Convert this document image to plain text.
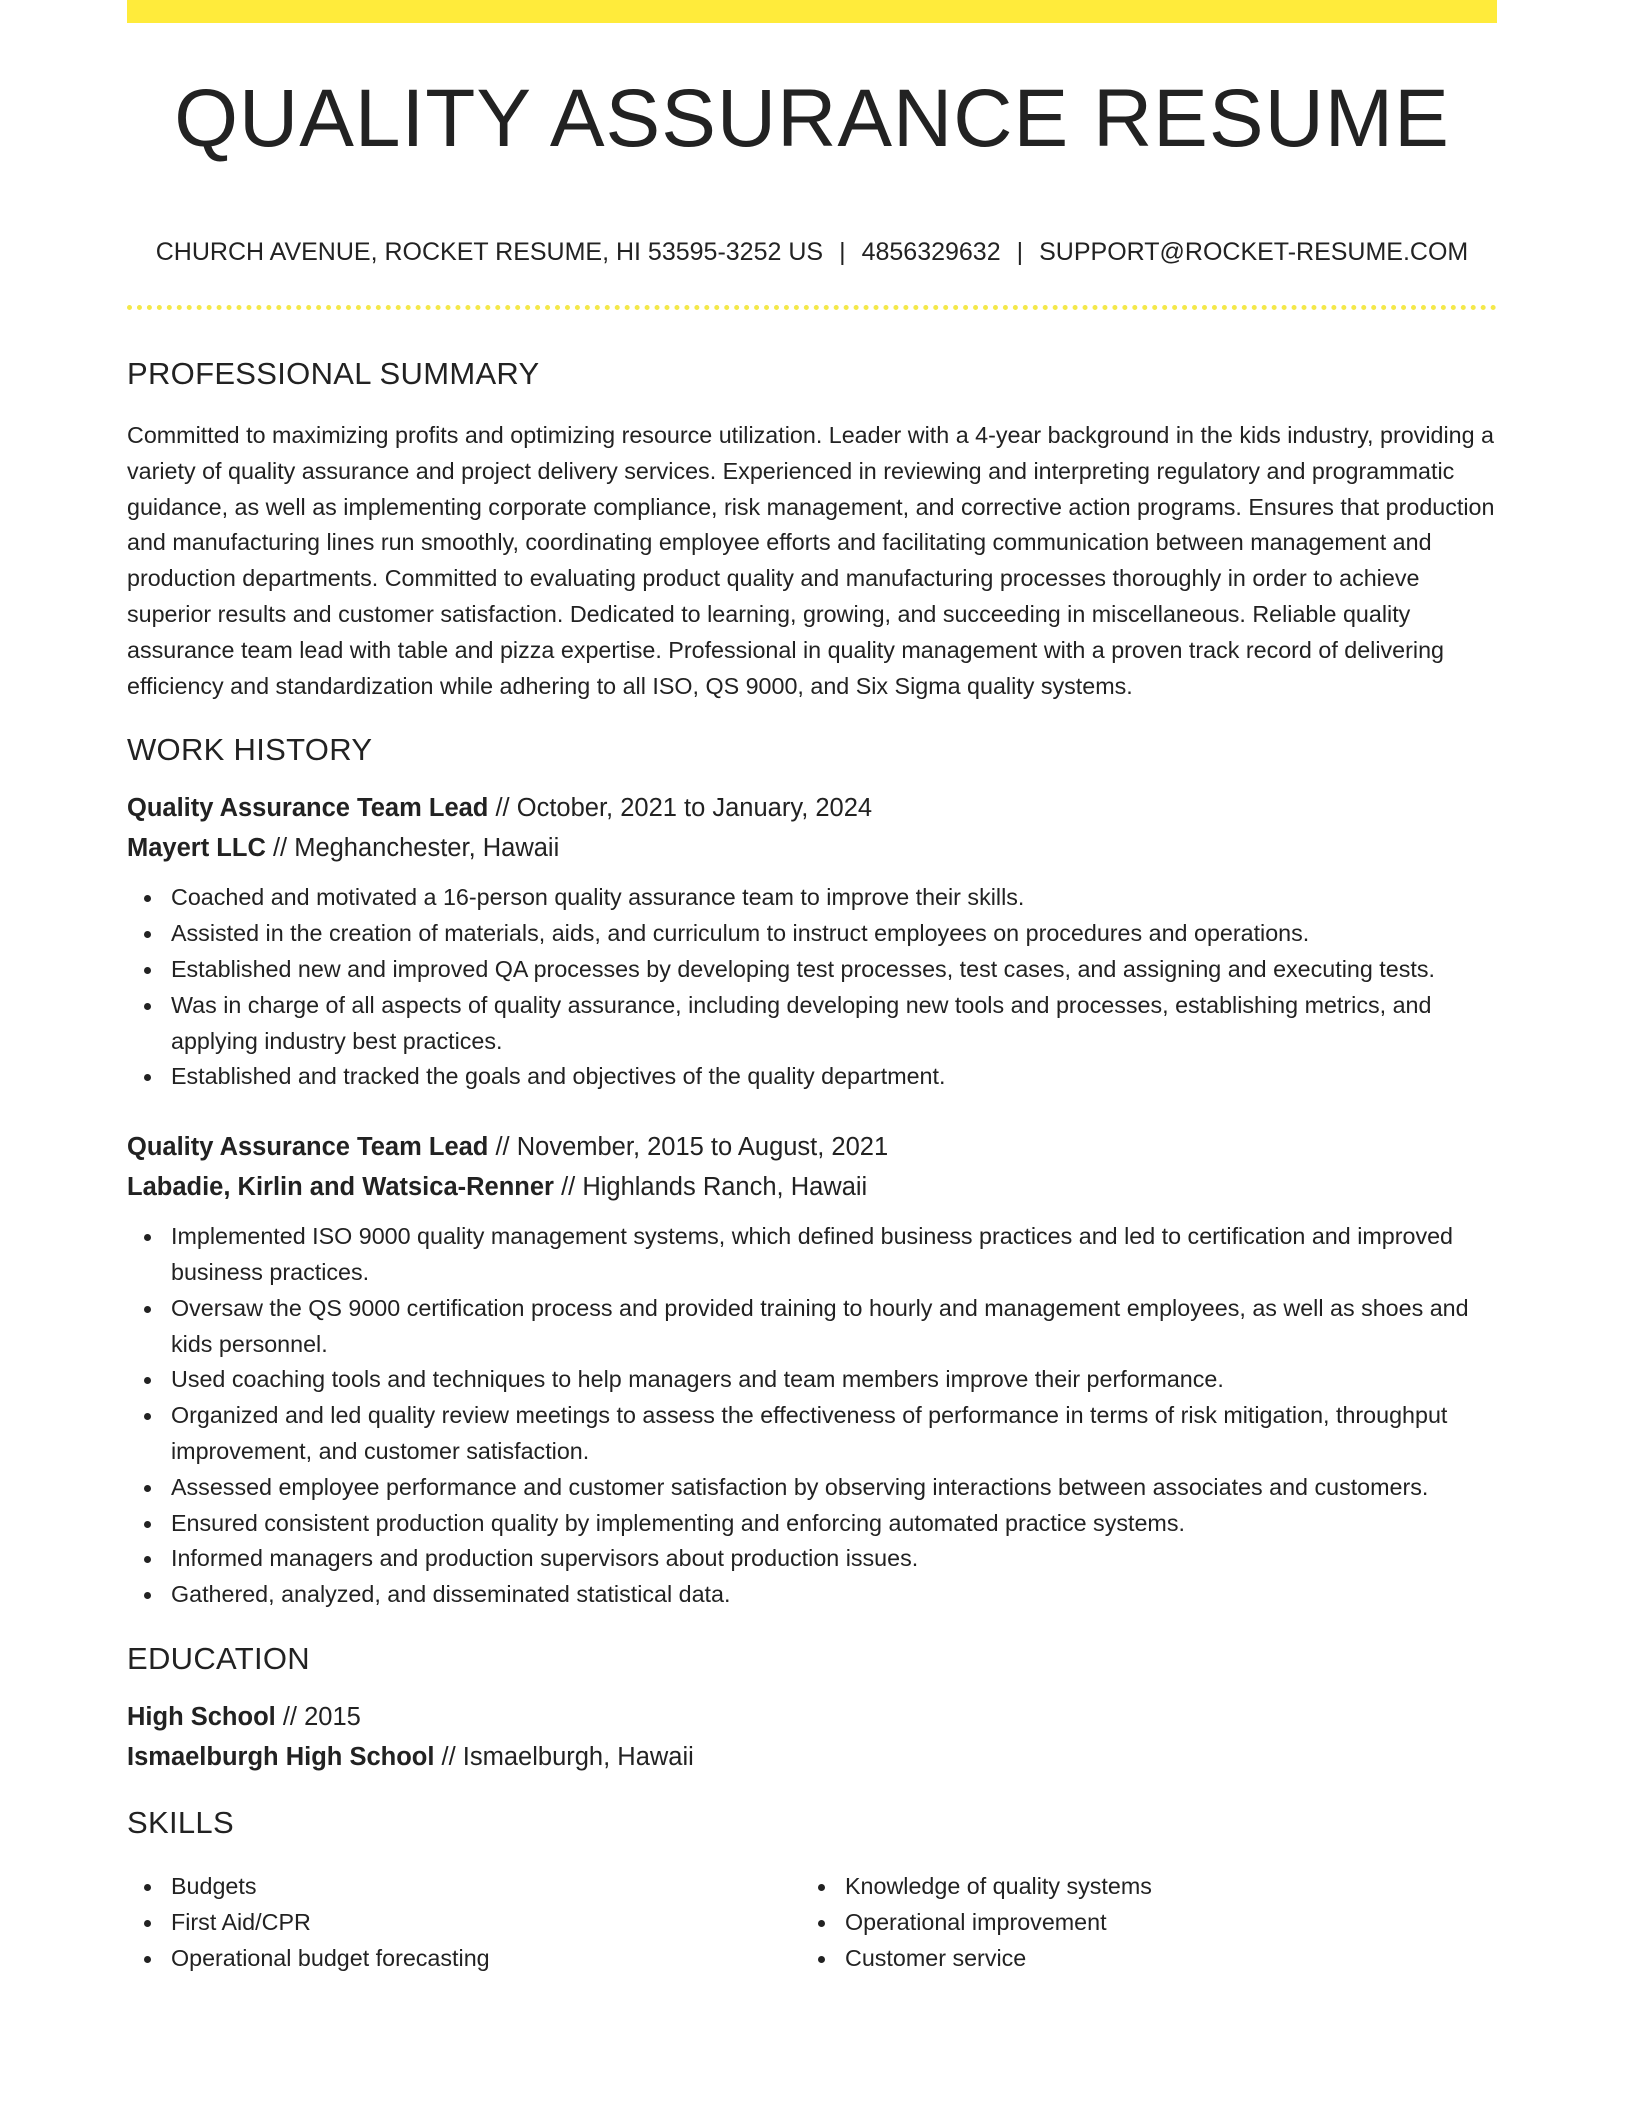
QUALITY ASSURANCE RESUME
CHURCH AVENUE, ROCKET RESUME, HI 53595-3252 US | 4856329632 | SUPPORT@ROCKET-RESUME.COM
PROFESSIONAL SUMMARY

Committed to maximizing profits and optimizing resource utilization. Leader with a 4-year background in the kids industry, providing a variety of quality assurance and project delivery services. Experienced in reviewing and interpreting regulatory and programmatic guidance, as well as implementing corporate compliance, risk management, and corrective action programs. Ensures that production and manufacturing lines run smoothly, coordinating employee efforts and facilitating communication between management and production departments. Committed to evaluating product quality and manufacturing processes thoroughly in order to achieve superior results and customer satisfaction. Dedicated to learning, growing, and succeeding in miscellaneous. Reliable quality assurance team lead with table and pizza expertise. Professional in quality management with a proven track record of delivering efficiency and standardization while adhering to all ISO, QS 9000, and Six Sigma quality systems.

WORK HISTORY
Quality Assurance Team Lead // October, 2021 to January, 2024
Mayert LLC // Meghanchester, Hawaii
Coached and motivated a 16-person quality assurance team to improve their skills.
Assisted in the creation of materials, aids, and curriculum to instruct employees on procedures and operations.
Established new and improved QA processes by developing test processes, test cases, and assigning and executing tests.
Was in charge of all aspects of quality assurance, including developing new tools and processes, establishing metrics, and applying industry best practices.
Established and tracked the goals and objectives of the quality department.
Quality Assurance Team Lead // November, 2015 to August, 2021
Labadie, Kirlin and Watsica-Renner // Highlands Ranch, Hawaii
Implemented ISO 9000 quality management systems, which defined business practices and led to certification and improved business practices.
Oversaw the QS 9000 certification process and provided training to hourly and management employees, as well as shoes and kids personnel.
Used coaching tools and techniques to help managers and team members improve their performance.
Organized and led quality review meetings to assess the effectiveness of performance in terms of risk mitigation, throughput improvement, and customer satisfaction.
Assessed employee performance and customer satisfaction by observing interactions between associates and customers.
Ensured consistent production quality by implementing and enforcing automated practice systems.
Informed managers and production supervisors about production issues.
Gathered, analyzed, and disseminated statistical data.
EDUCATION
High School // 2015
Ismaelburgh High School // Ismaelburgh, Hawaii
SKILLS
Budgets
First Aid/CPR
Operational budget forecasting
Knowledge of quality systems
Operational improvement
Customer service
